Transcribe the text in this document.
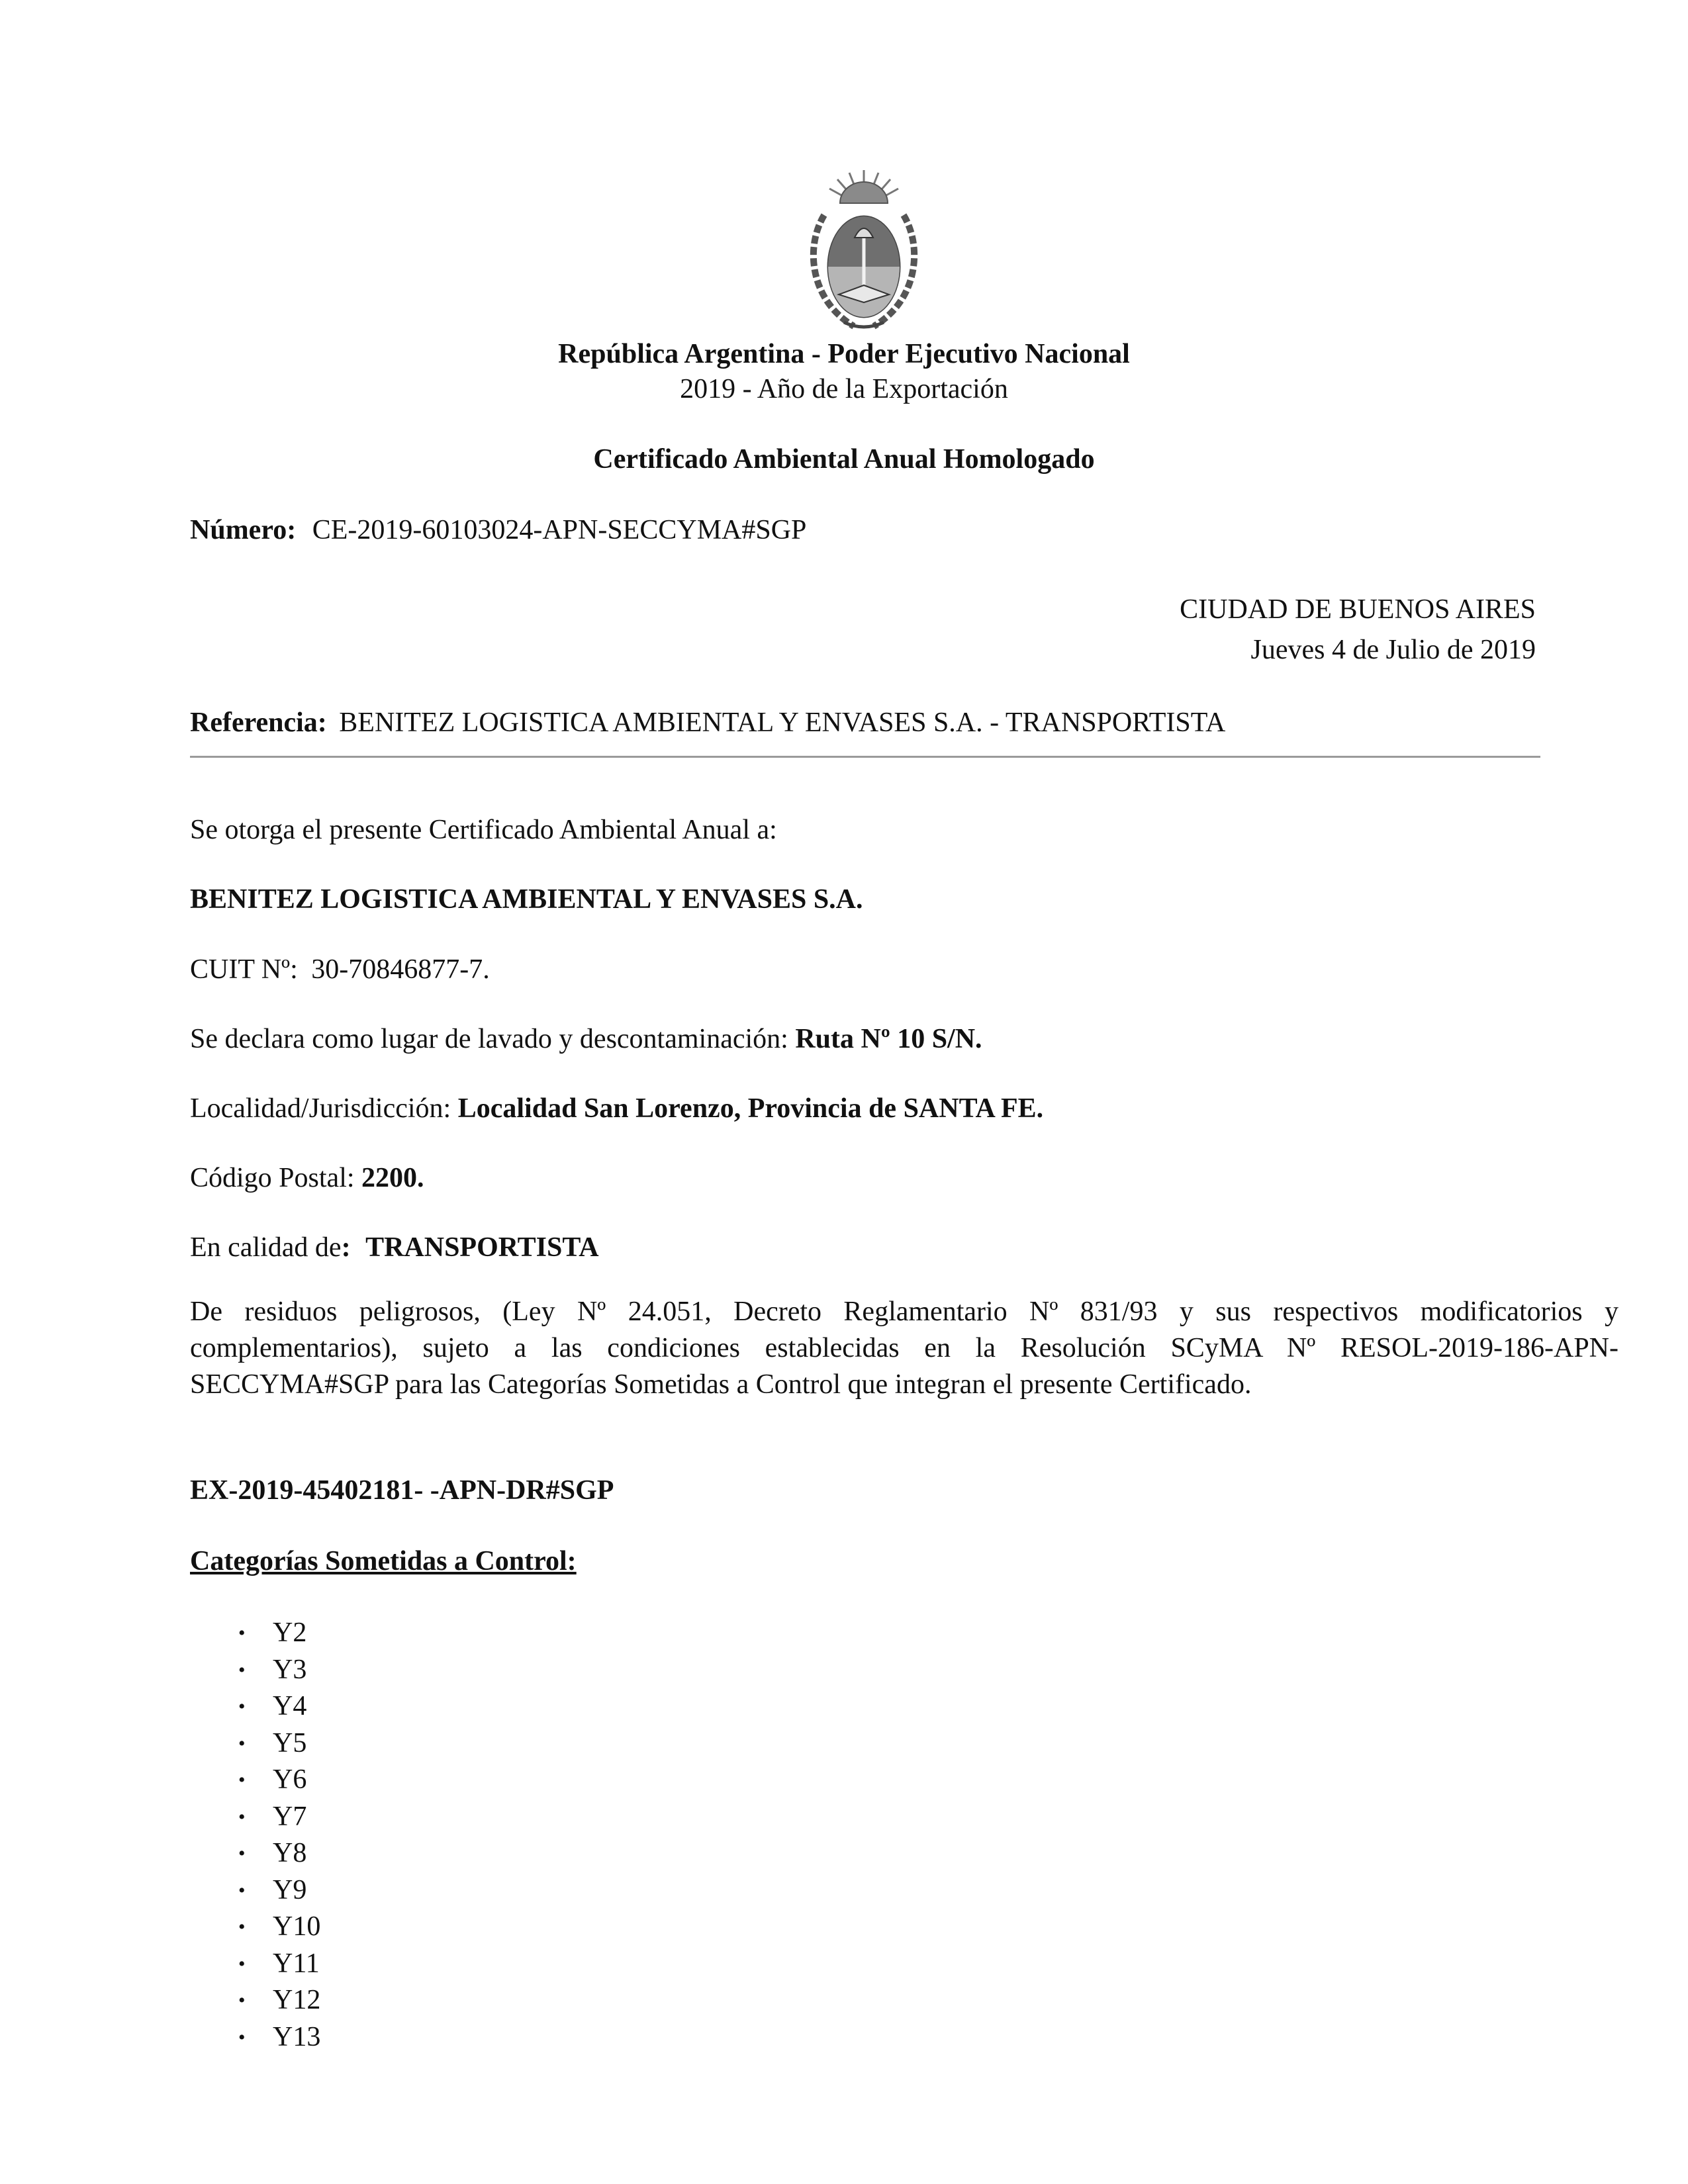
República Argentina - Poder Ejecutivo Nacional
2019 - Año de la Exportación
Certificado Ambiental Anual Homologado
Número: CE-2019-60103024-APN-SECCYMA#SGP
CIUDAD DE BUENOS AIRES
Jueves 4 de Julio de 2019
Referencia: BENITEZ LOGISTICA AMBIENTAL Y ENVASES S.A. - TRANSPORTISTA
Se otorga el presente Certificado Ambiental Anual a:
BENITEZ LOGISTICA AMBIENTAL Y ENVASES S.A.
CUIT Nº: 30-70846877-7.
Se declara como lugar de lavado y descontaminación: Ruta Nº 10 S/N.
Localidad/Jurisdicción: Localidad San Lorenzo, Provincia de SANTA FE.
Código Postal: 2200.
En calidad de: TRANSPORTISTA
De residuos peligrosos, (Ley Nº 24.051, Decreto Reglamentario Nº 831/93 y sus respectivos modificatorios y complementarios), sujeto a las condiciones establecidas en la Resolución SCyMA Nº RESOL-2019-186-APN-SECCYMA#SGP para las Categorías Sometidas a Control que integran el presente Certificado.
EX-2019-45402181- -APN-DR#SGP
Categorías Sometidas a Control:
• Y2
• Y3
• Y4
• Y5
• Y6
• Y7
• Y8
• Y9
• Y10
• Y11
• Y12
• Y13
